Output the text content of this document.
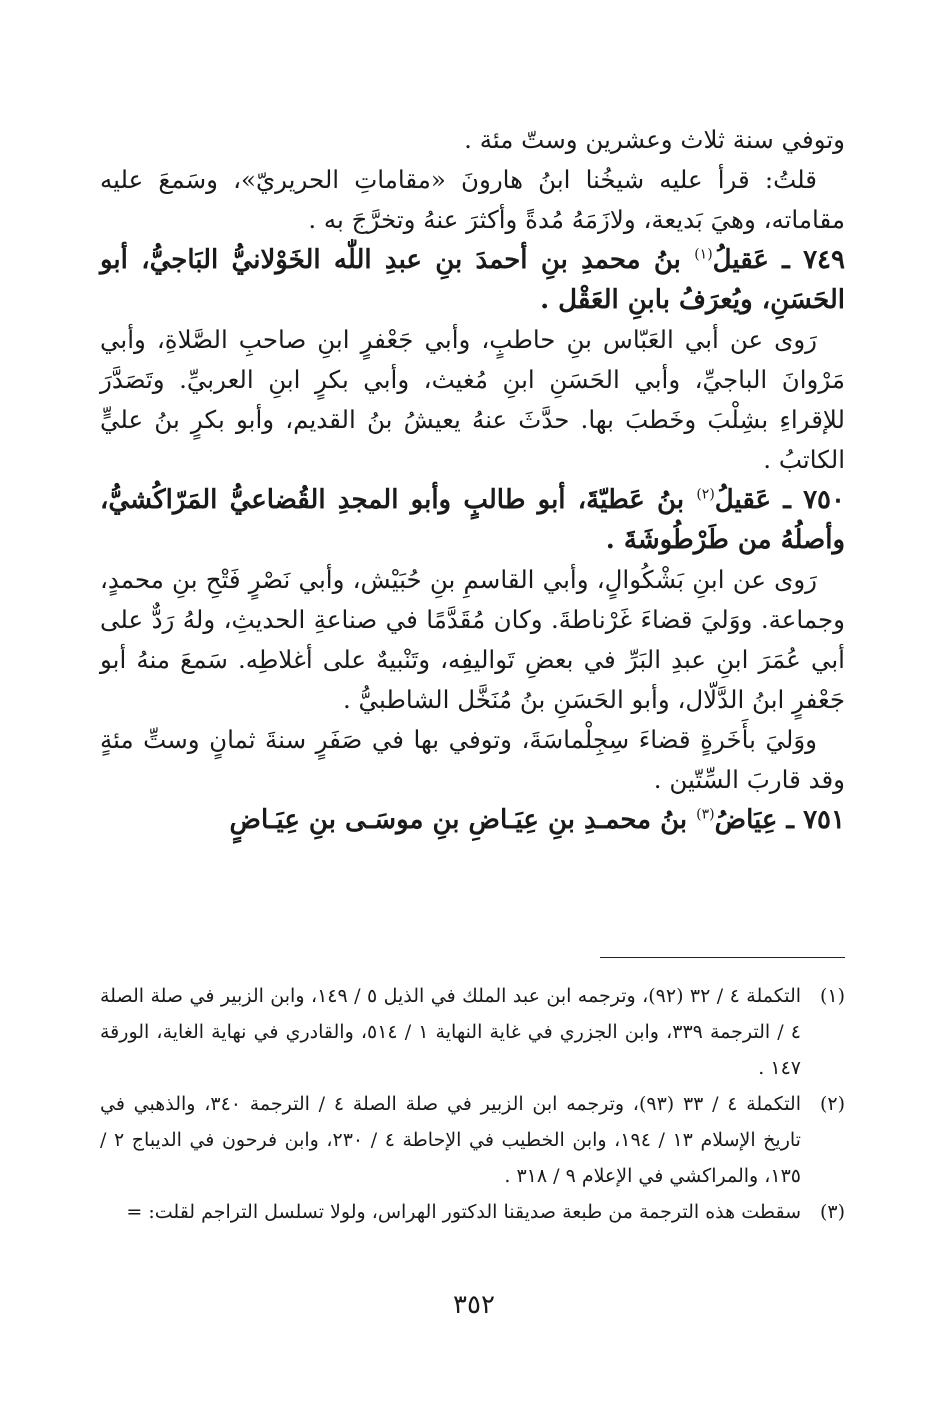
وتوفي سنة ثلاث وعشرين وستّ مئة .

قلتُ: قرأ عليه شيخُنا ابنُ هارونَ «مقاماتِ الحريريّ»، وسَمعَ عليه مقاماته، وهيَ بَديعة، ولازَمَهُ مُدةً وأكثرَ عنهُ وتخرَّجَ به .

٧٤٩ ـ عَقيلُ$^{(١)}$ بنُ محمدِ بنِ أحمدَ بنِ عبدِ اللّٰه الخَوْلانيُّ البَاجيُّ، أبو الحَسَنِ، ويُعرَفُ بابنِ العَقْل .

رَوى عن أبي العَبّاس بنِ حاطبٍ، وأبي جَعْفرٍ ابنِ صاحبِ الصَّلاةِ، وأبي مَرْوانَ الباجيِّ، وأبي الحَسَنِ ابنِ مُغيث، وأبي بكرٍ ابنِ العربيِّ. وتَصَدَّرَ للإقراءِ بشِلْبَ وخَطبَ بها. حدَّثَ عنهُ يعيشُ بنُ القديم، وأبو بكرٍ بنُ عليٍّ الكاتبُ .

٧٥٠ ـ عَقيلُ$^{(٢)}$ بنُ عَطيّةَ، أبو طالبٍ وأبو المجدِ القُضاعيُّ المَرّاكُشيُّ، وأصلُهُ من طَرْطُوشَةَ .

رَوى عن ابنِ بَشْكُوالٍ، وأبي القاسمِ بنِ حُبَيْش، وأبي نَصْرٍ فَتْحِ بنِ محمدٍ، وجماعة. ووَليَ قضاءَ غَرْناطةَ. وكان مُقَدَّمًا في صناعةِ الحديثِ، ولهُ رَدٌّ على أبي عُمَرَ ابنِ عبدِ البَرِّ في بعضِ تَواليفِه، وتَنْبيهٌ على أغلاطِه. سَمعَ منهُ أبو جَعْفرٍ ابنُ الدَّلّال، وأبو الحَسَنِ بنُ مُنَخَّل الشاطبيُّ .

ووَليَ بأَخَرةٍ قضاءَ سِجِلْماسَةَ، وتوفي بها في صَفَرٍ سنةَ ثمانٍ وستِّ مئةٍ وقد قاربَ السِّتّين .

٧٥١ ـ عِيَاضُ$^{(٣)}$ بنُ محمـدِ بنِ عِيَـاضِ بنِ موسَـى بنِ عِيَـاضٍ

(١)
التكملة ٤ / ٣٢ (٩٢)، وترجمه ابن عبد الملك في الذيل ٥ / ١٤٩، وابن الزبير في صلة الصلة ٤ / الترجمة ٣٣٩، وابن الجزري في غاية النهاية ١ / ٥١٤، والقادري في نهاية الغاية، الورقة ١٤٧ .
(٢)
التكملة ٤ / ٣٣ (٩٣)، وترجمه ابن الزبير في صلة الصلة ٤ / الترجمة ٣٤٠، والذهبي في تاريخ الإسلام ١٣ / ١٩٤، وابن الخطيب في الإحاطة ٤ / ٢٣٠، وابن فرحون في الديباج ٢ / ١٣٥، والمراكشي في الإعلام ٩ / ٣١٨ .
(٣)
سقطت هذه الترجمة من طبعة صديقنا الدكتور الهراس، ولولا تسلسل التراجم لقلت: =
٣٥٢
